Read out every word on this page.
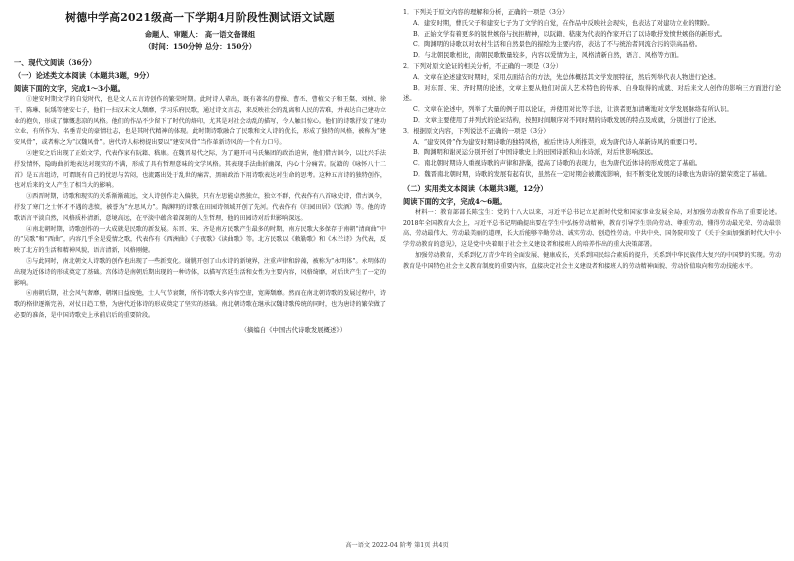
树德中学高2021级高一下学期4月阶段性测试语文试题
命题人、审题人： 高一语文备课组
（时间：150分钟 总分：150分）
一、现代文阅读（36分）
（一）论述类文本阅读（本题共3题，9分）
阅读下面的文字，完成1～3小题。

①建安时期文学的自觉时代，也是文人五言诗创作的繁荣时期。此时诗人辈出，既有著名的曹操、曹丕、曹植父子和王粲、刘桢、徐干、陈琳、阮瑀等建安七子，他们一扫汉末文人颓靡，学习乐府民歌，通过诗文言志，来反映社会的乱离和人民的苦难，并表达自己建功立业的抱负，形成了慷慨悲凉的风格。他们的作品不少留下了时代的烙印，尤其是对社会动乱的描写，令人触目惊心。他们的诗歌抒发了建功立业、有所作为、名垂青史的豪情壮志，也是其时代精神的体现。此时期诗歌融合了民歌和文人诗的优长，形成了独特的风格，被称为“建安风骨”，或者称之为“汉魏风骨”。唐代诗人标榜提出要以“建安风骨”当作革新诗风的一个有力口号。

②建安之后出现了正始文学，代表作家有阮籍、嵇康。在魏晋易代之际，为了避开司马氏集团的政治迫害，他们借古讽今，以比兴手法抒发情怀，隐晦曲折地表达对现实的不满，形成了具有哲理意味的文学风格。其表现手法曲折幽深，内心十分痛苦。阮籍的《咏怀八十二首》是五言组诗，可谓既有自己的忧思与苦闷，也流露出处于乱世的痛苦，黑暗政治下用诗歌表达对生命的思考。这种五言诗的独特创作，也对后来的文人产生了相当大的影响。

③西晋时期，诗歌和现实的关系渐渐疏远，文人诗创作走入偏狭，只有左思能卓然独立，独立不群，代表作有八首咏史诗，借古讽今，抒发了寒门之士怀才不遇的悲愤，被誉为“左思风力”。陶渊明的诗歌在田园诗领域开创了先河。代表作有《归园田居》《饮酒》等。他的诗歌语言平淡自然，风格质朴清新，意境高远，在平淡中蕴含着深刻的人生哲理，他的田园诗对后世影响深远。

④南北朝时期，诗歌创作的一大成就是民歌的新发展。东晋、宋、齐是南方民歌产生最多的时期，南方民歌大多保存于南朝“清商曲”中的“吴歌”和“西曲”，内容几乎全是爱情之歌，代表作有《西洲曲》《子夜歌》《读曲歌》等。北方民歌以《敕勒歌》和《木兰诗》为代表，反映了北方的生活和精神风貌，语言清新，风格刚健。

⑤与此同时，南北朝文人诗歌的创作也出现了一些新变化。谢朓开创了山水诗的新境界，注重声律和辞藻，被称为“永明体”。永明体的出现为近体诗的形成奠定了基础。宫体诗是南朝后期出现的一种诗体，以描写宫廷生活和女性为主要内容，风格绮靡，对后世产生了一定的影响。

⑥南朝后期，社会风气奢靡，朝纲日益废弛，士人气节衰颓，所作诗歌大多内容空虚，宽薄颓靡。然而在南北朝诗歌的发展过程中，诗歌的格律逐渐完善，对仗日趋工整，为唐代近体诗的形成奠定了坚实的基础。南北朝诗歌在继承汉魏诗歌传统的同时，也为唐诗的繁荣做了必要的准备，是中国诗歌史上承前启后的重要阶段。

（摘编自《中国古代诗歌发展概述》）

1．下列关于原文内容的理解和分析，正确的一项是（3分）

A．建安时期，曹氏父子和建安七子为了文学的自觉，在作品中反映社会现实，也表达了对建功立业的期盼。

B．正始文学有着更多的锐世嫉俗与抗拒精神，以阮籍、嵇康为代表的作家开启了以诗歌抒发愤世嫉俗的新形式。

C．陶渊明的诗歌以对农村生活和自然景色的描绘为主要内容，表达了不与统治者同流合污的崇高品格。

D．与北朝民歌相比，南朝民歌数量较多，内容以爱情为主，风格清新自然，语言、风格等方面。

2．下列对原文论证的相关分析，不正确的一项是（3分）

A．文章在论述建安时期时，采用点面结合的方法，先总体概括其文学发展特征，然后列举代表人物进行论述。

B．对东晋、宋、齐时期的论述，文章主要从他们对前人艺术特色的传承、自身取得的成就、对后来文人创作的影响三方面进行论述。

C．文章在论述中，列举了大量的例子用以论证，并使用对比等手法，让读者更加清晰地对文学发展脉络有所认识。

D．文章主要使用了并列式的论证结构，按照时间顺序对不同时期的诗歌发展的特点及成就，分别进行了论述。

3．根据原文内容，下列说法不正确的一项是（3分）

A．“建安风骨”作为建安时期诗歌的独特风格，被后世诗人所推崇，成为唐代诗人革新诗风的重要口号。

B．陶渊明和谢灵运分别开创了中国诗歌史上的田园诗派和山水诗派，对后世影响深远。

C．南北朝时期诗人重视诗歌的声律和辞藻，提高了诗歌的表现力，也为唐代近体诗的形成奠定了基础。

D．魏晋南北朝时期，诗歌的发展有起有伏，虽然在一定时期会被潮流影响，但不断变化发展的诗歌也为唐诗的繁荣奠定了基础。

（二）实用类文本阅读（本题共3题，12分）
阅读下面的文字，完成4～6题。

材料一：教育部部长陈宝生：党的十八大以来，习近平总书记立足新时代党和国家事业发展全局，对加强劳动教育作出了重要论述。2018年全国教育大会上，习近平总书记明确提出要在学生中弘扬劳动精神，教育引导学生崇尚劳动、尊重劳动，懂得劳动最光荣、劳动最崇高、劳动最伟大、劳动最美丽的道理，长大后能够辛勤劳动、诚实劳动、创造性劳动。中共中央、国务院印发了《关于全面加强新时代大中小学劳动教育的意见》，这是党中央着眼于社会主义建设者和接班人的培养作出的重大决策部署。

加强劳动教育，关系到亿万青少年的全面发展、健康成长，关系到国民综合素质的提升，关系到中华民族伟大复兴的中国梦的实现。劳动教育是中国特色社会主义教育制度的重要内容，直接决定社会主义建设者和接班人的劳动精神面貌、劳动价值取向和劳动技能水平。

高一语文 2022-04 阶考 第1页 共4页
